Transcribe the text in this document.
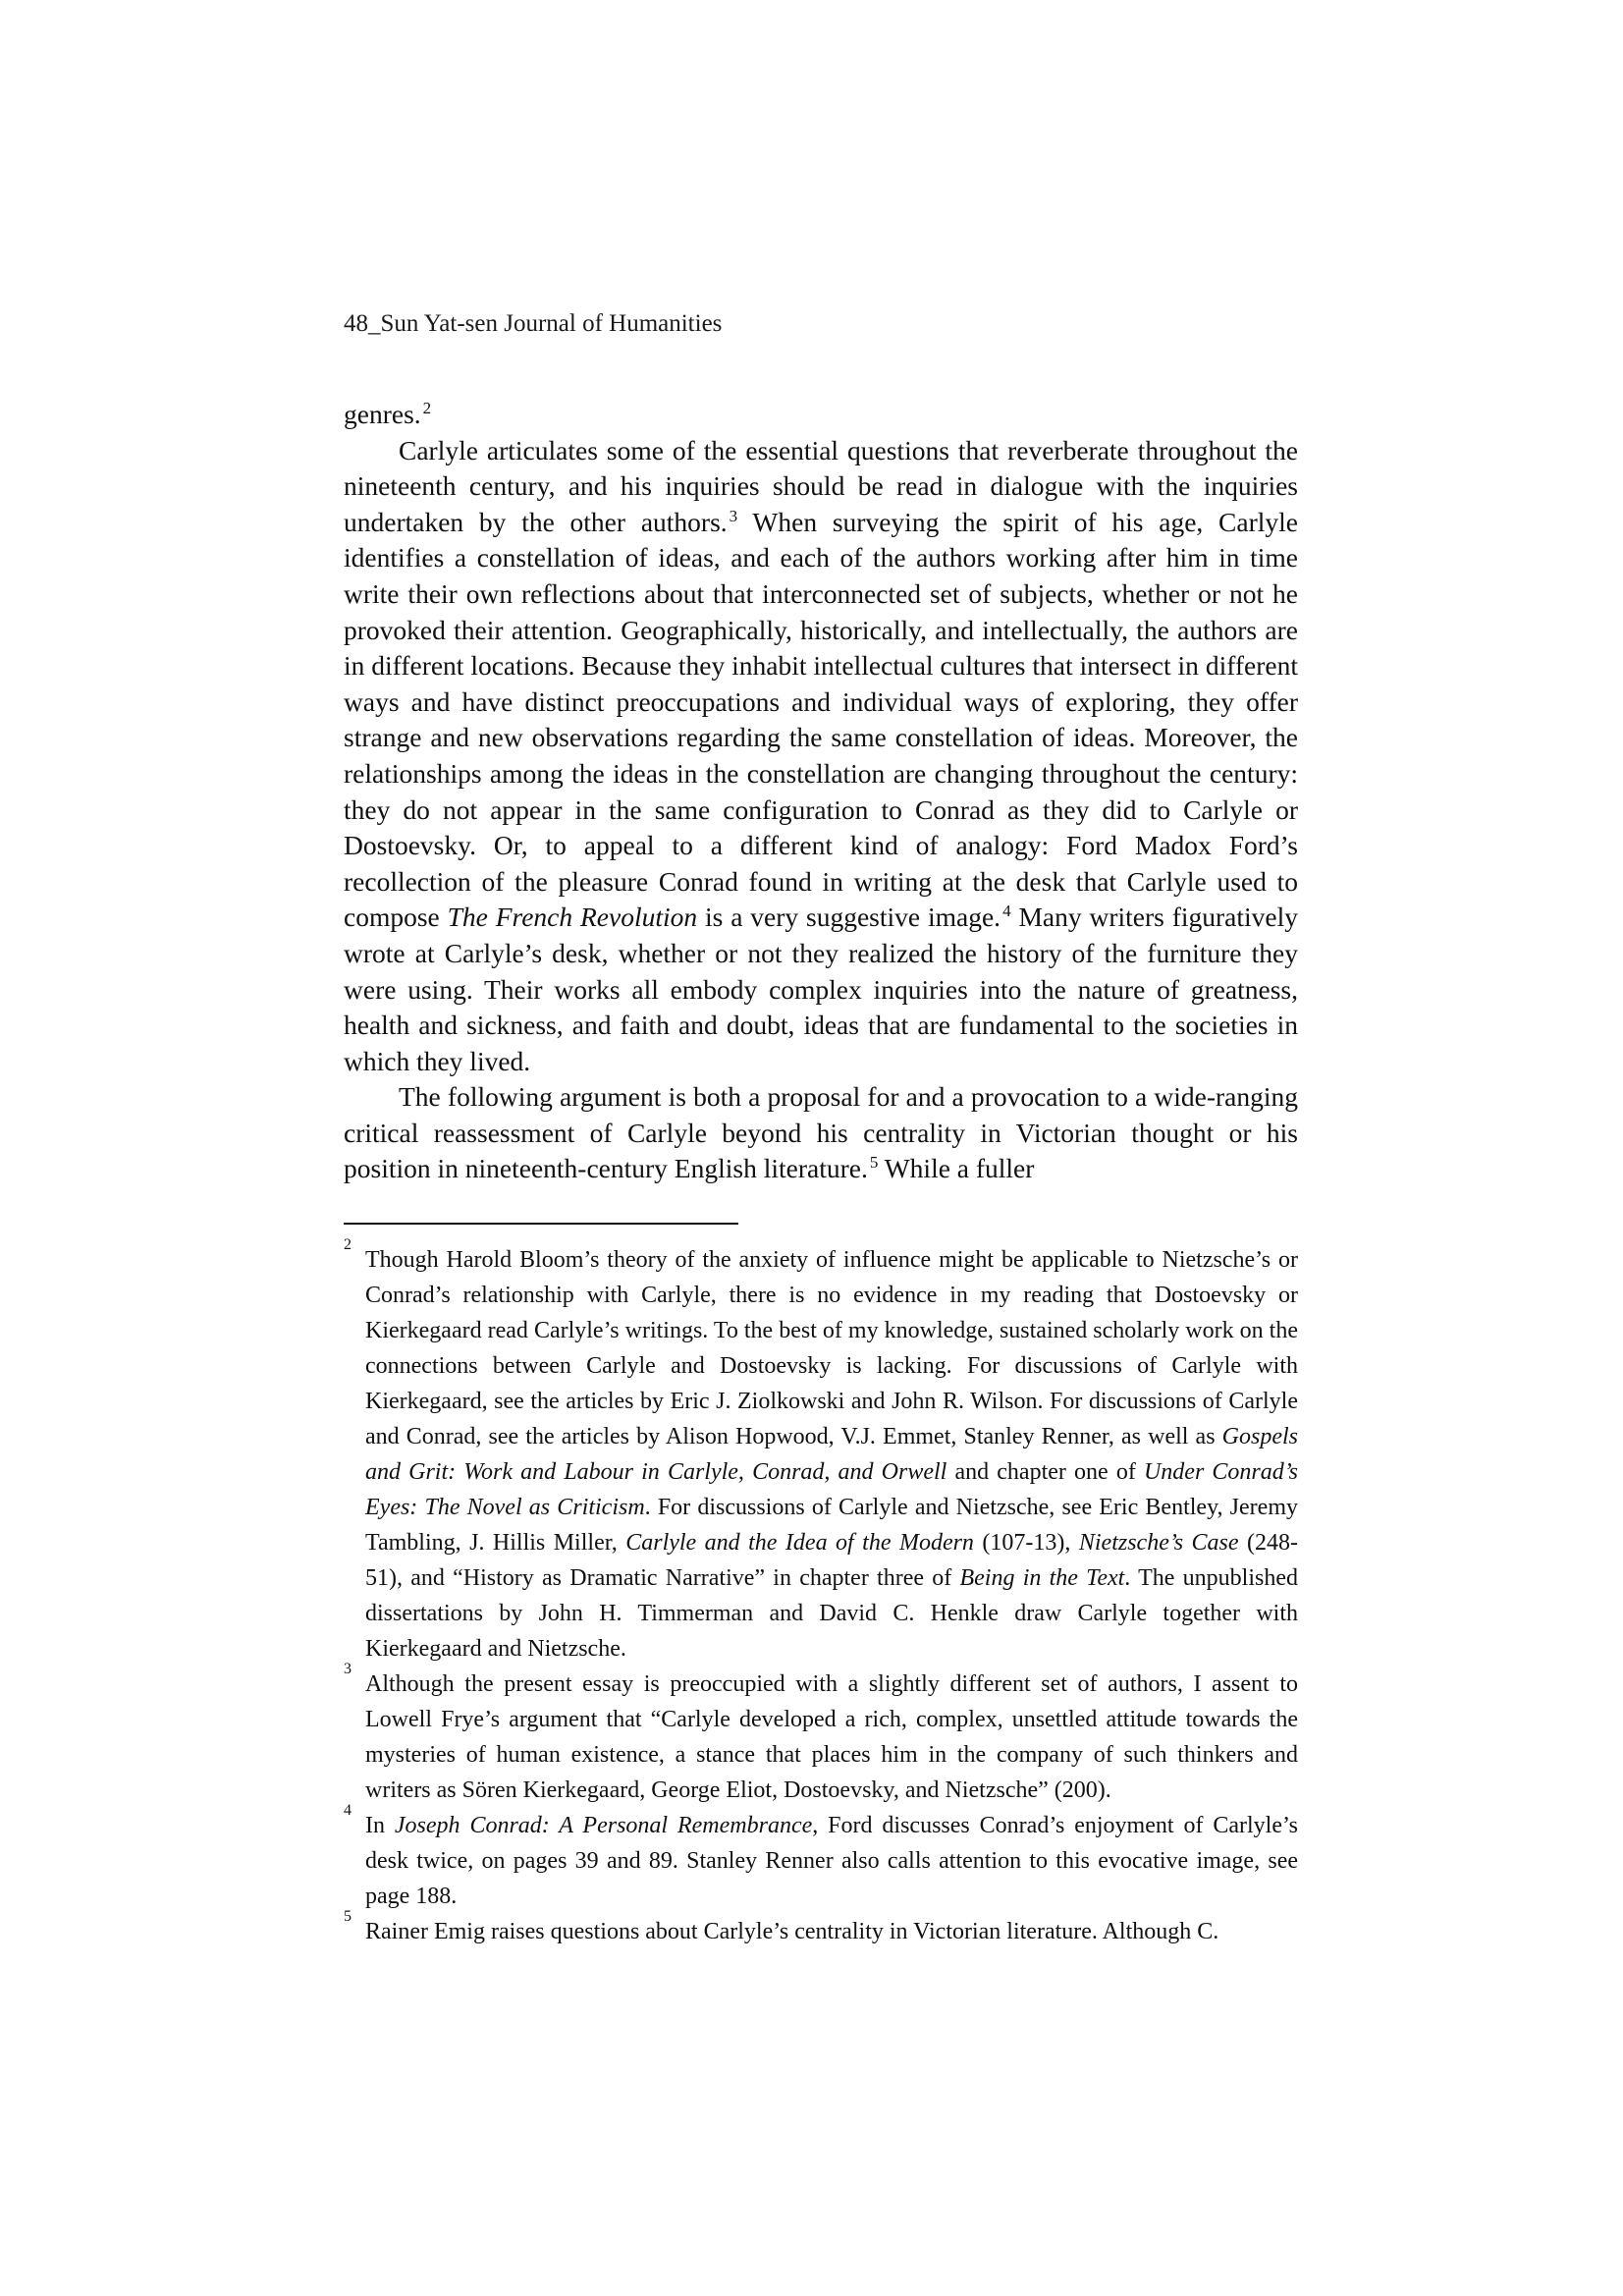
48_Sun Yat-sen Journal of Humanities

genres. $^2$

Carlyle articulates some of the essential questions that reverberate throughout the nineteenth century, and his inquiries should be read in dialogue with the inquiries undertaken by the other authors. $^3$ When surveying the spirit of his age, Carlyle identifies a constellation of ideas, and each of the authors working after him in time write their own reflections about that interconnected set of subjects, whether or not he provoked their attention. Geographically, historically, and intellectually, the authors are in different locations. Because they inhabit intellectual cultures that intersect in different ways and have distinct preoccupations and individual ways of exploring, they offer strange and new observations regarding the same constellation of ideas. Moreover, the relationships among the ideas in the constellation are changing throughout the century: they do not appear in the same configuration to Conrad as they did to Carlyle or Dostoevsky. Or, to appeal to a different kind of analogy: Ford Madox Ford’s recollection of the pleasure Conrad found in writing at the desk that Carlyle used to compose The French Revolution is a very suggestive image. $^4$ Many writers figuratively wrote at Carlyle’s desk, whether or not they realized the history of the furniture they were using. Their works all embody complex inquiries into the nature of greatness, health and sickness, and faith and doubt, ideas that are fundamental to the societies in which they lived.

The following argument is both a proposal for and a provocation to a wide-ranging critical reassessment of Carlyle beyond his centrality in Victorian thought or his position in nineteenth-century English literature. $^5$ While a fuller

2
Though Harold Bloom’s theory of the anxiety of influence might be applicable to Nietzsche’s or Conrad’s relationship with Carlyle, there is no evidence in my reading that Dostoevsky or Kierkegaard read Carlyle’s writings. To the best of my knowledge, sustained scholarly work on the connections between Carlyle and Dostoevsky is lacking. For discussions of Carlyle with Kierkegaard, see the articles by Eric J. Ziolkowski and John R. Wilson. For discussions of Carlyle and Conrad, see the articles by Alison Hopwood, V.J. Emmet, Stanley Renner, as well as Gospels and Grit: Work and Labour in Carlyle, Conrad, and Orwell and chapter one of Under Conrad’s Eyes: The Novel as Criticism. For discussions of Carlyle and Nietzsche, see Eric Bentley, Jeremy Tambling, J. Hillis Miller, Carlyle and the Idea of the Modern (107-13), Nietzsche’s Case (248-51), and “History as Dramatic Narrative” in chapter three of Being in the Text. The unpublished dissertations by John H. Timmerman and David C. Henkle draw Carlyle together with Kierkegaard and Nietzsche.

3
Although the present essay is preoccupied with a slightly different set of authors, I assent to Lowell Frye’s argument that “Carlyle developed a rich, complex, unsettled attitude towards the mysteries of human existence, a stance that places him in the company of such thinkers and writers as Sören Kierkegaard, George Eliot, Dostoevsky, and Nietzsche” (200).

4
In Joseph Conrad: A Personal Remembrance, Ford discusses Conrad’s enjoyment of Carlyle’s desk twice, on pages 39 and 89. Stanley Renner also calls attention to this evocative image, see page 188.

5
Rainer Emig raises questions about Carlyle’s centrality in Victorian literature. Although C.
